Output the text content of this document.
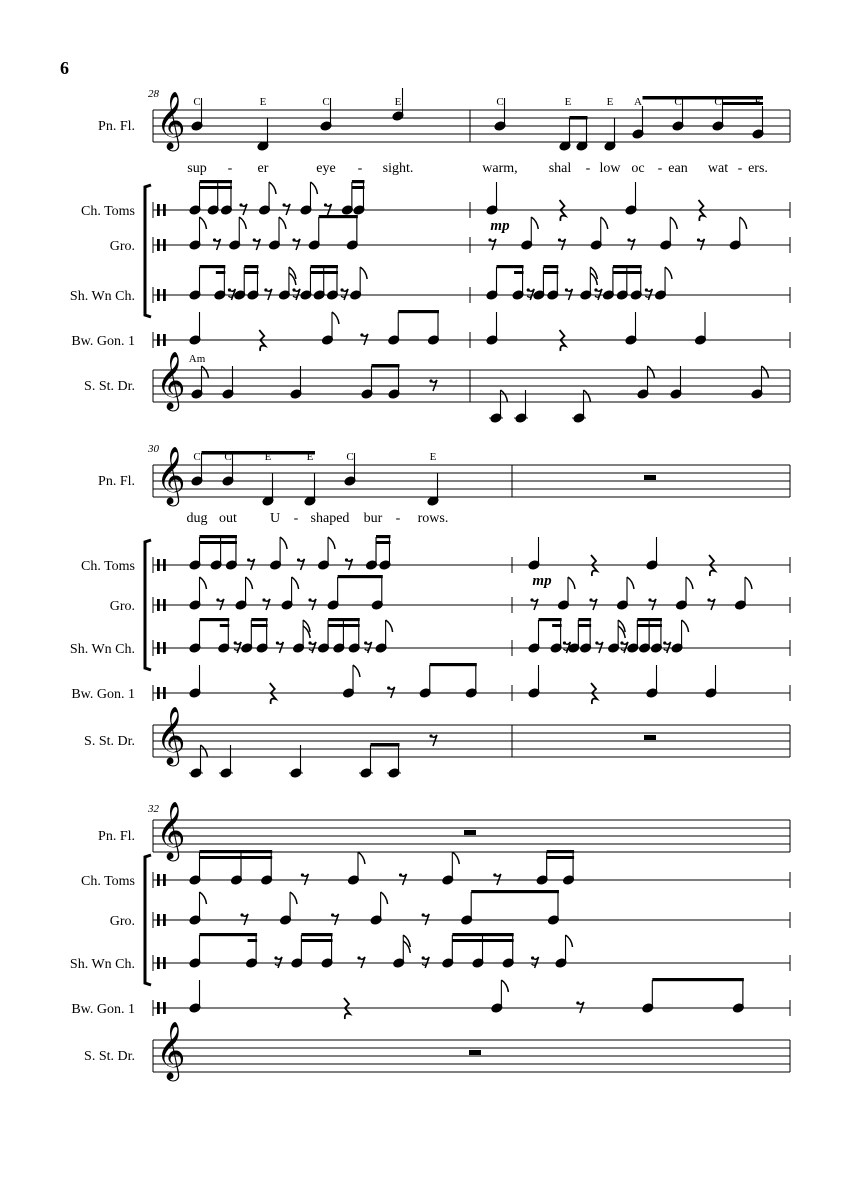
6
𝄞
𝄞
𝄞
𝄞
𝄞
𝄞
Pn. Fl.
Ch. Toms
Gro.
Sh. Wn Ch.
Bw. Gon. 1
S. St. Dr.
28
mp
C	E	C	E	C	E	E A	C	C	E
sup - er	eye - sight.	warm, shal - low oc - ean wat - ers.
Am
Pn. Fl.
Ch. Toms
Gro.
Sh. Wn Ch.
Bw. Gon. 1
S. St. Dr.
30
mp
C C	E	E	C	E
dug out U - shaped bur - rows.
Pn. Fl.
Ch. Toms
Gro.
Sh. Wn Ch.
Bw. Gon. 1
S. St. Dr.
32
